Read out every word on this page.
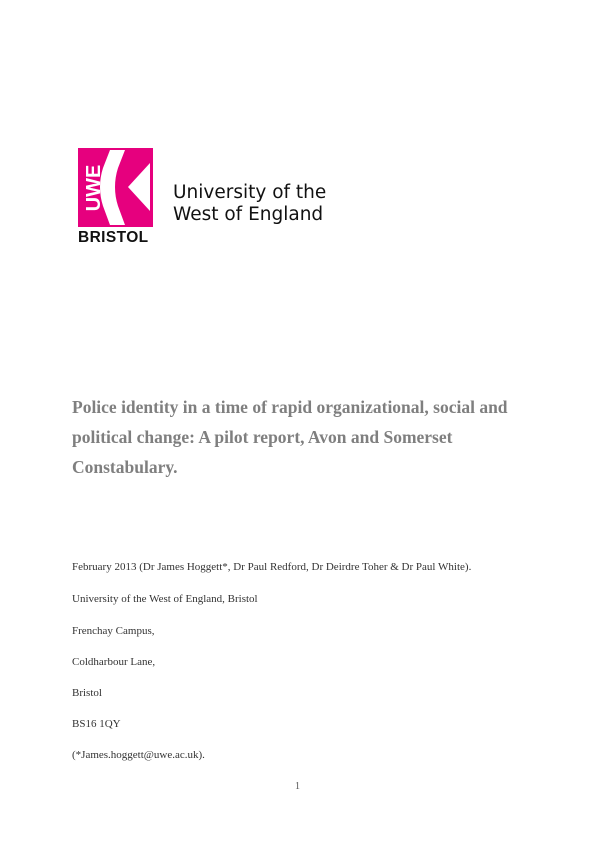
UWE
BRISTOL
University of the
West of England
Police identity in a time of rapid organizational, social and
political change: A pilot report, Avon and Somerset
Constabulary.
February 2013 (Dr James Hoggett*, Dr Paul Redford, Dr Deirdre Toher & Dr Paul White).
University of the West of England, Bristol
Frenchay Campus,
Coldharbour Lane,
Bristol
BS16 1QY
(*James.hoggett@uwe.ac.uk).
1
